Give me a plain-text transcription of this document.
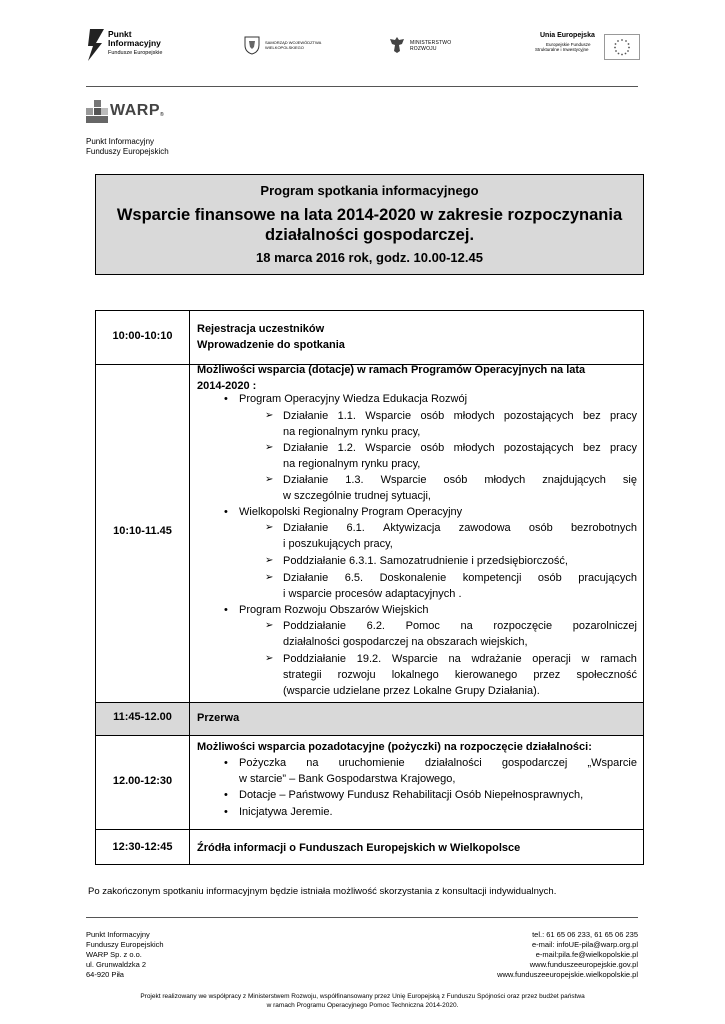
Punkt
Informacyjny
Fundusze Europejskie
SAMORZĄD WOJEWÓDZTWA WIELKOPOLSKIEGO
MINISTERSTWO
ROZWOJU
Unia Europejska
Europejskie Fundusze
Strukturalne i Inwestycyjne
WARP ®
Punkt Informacyjny
Funduszy Europejskich
Program spotkania informacyjnego
Wsparcie finansowe na lata 2014-2020 w zakresie rozpoczynania
działalności gospodarczej.
18 marca 2016 rok, godz. 10.00-12.45
10:00-10:10
Rejestracja uczestników
Wprowadzenie do spotkania
10:10-11.45
Możliwości wsparcia (dotacje) w ramach Programów Operacyjnych na lata
2014-2020 :
• Program Operacyjny Wiedza Edukacja Rozwój
➢ Działanie 1.1. Wsparcie osób młodych pozostających bez pracy
na regionalnym rynku pracy,
➢ Działanie 1.2. Wsparcie osób młodych pozostających bez pracy
na regionalnym rynku pracy,
➢ Działanie 1.3. Wsparcie osób młodych znajdujących się
w szczególnie trudnej sytuacji,
• Wielkopolski Regionalny Program Operacyjny
➢ Działanie 6.1. Aktywizacja zawodowa osób bezrobotnych
i poszukujących pracy,
➢ Poddziałanie 6.3.1. Samozatrudnienie i przedsiębiorczość,
➢ Działanie 6.5. Doskonalenie kompetencji osób pracujących
i wsparcie procesów adaptacyjnych .
• Program Rozwoju Obszarów Wiejskich
➢ Poddziałanie 6.2. Pomoc na rozpoczęcie pozarolniczej
działalności gospodarczej na obszarach wiejskich,
➢ Poddziałanie 19.2. Wsparcie na wdrażanie operacji w ramach
strategii rozwoju lokalnego kierowanego przez społeczność
(wsparcie udzielane przez Lokalne Grupy Działania).
11:45-12.00	Przerwa
12.00-12:30
Możliwości wsparcia pozadotacyjne (pożyczki) na rozpoczęcie działalności:
• Pożyczka na uruchomienie działalności gospodarczej „Wsparcie
w starcie” – Bank Gospodarstwa Krajowego,
• Dotacje – Państwowy Fundusz Rehabilitacji Osób Niepełnosprawnych,
• Inicjatywa Jeremie.
12:30-12:45	Źródła informacji o Funduszach Europejskich w Wielkopolsce
Po zakończonym spotkaniu informacyjnym będzie istniała możliwość skorzystania z konsultacji indywidualnych.
Punkt Informacyjny
Funduszy Europejskich
WARP Sp. z o.o.
ul. Grunwaldzka 2
64-920 Piła
tel.: 61 65 06 233, 61 65 06 235
e-mail: infoUE-pila@warp.org.pl
e-mail:pila.fe@wielkopolskie.pl
www.funduszeeuropejskie.gov.pl
www.funduszeeuropejskie.wielkopolskie.pl
Projekt realizowany we współpracy z Ministerstwem Rozwoju, współfinansowany przez Unię Europejską z Funduszu Spójności oraz przez budżet państwa
w ramach Programu Operacyjnego Pomoc Techniczna 2014-2020.
